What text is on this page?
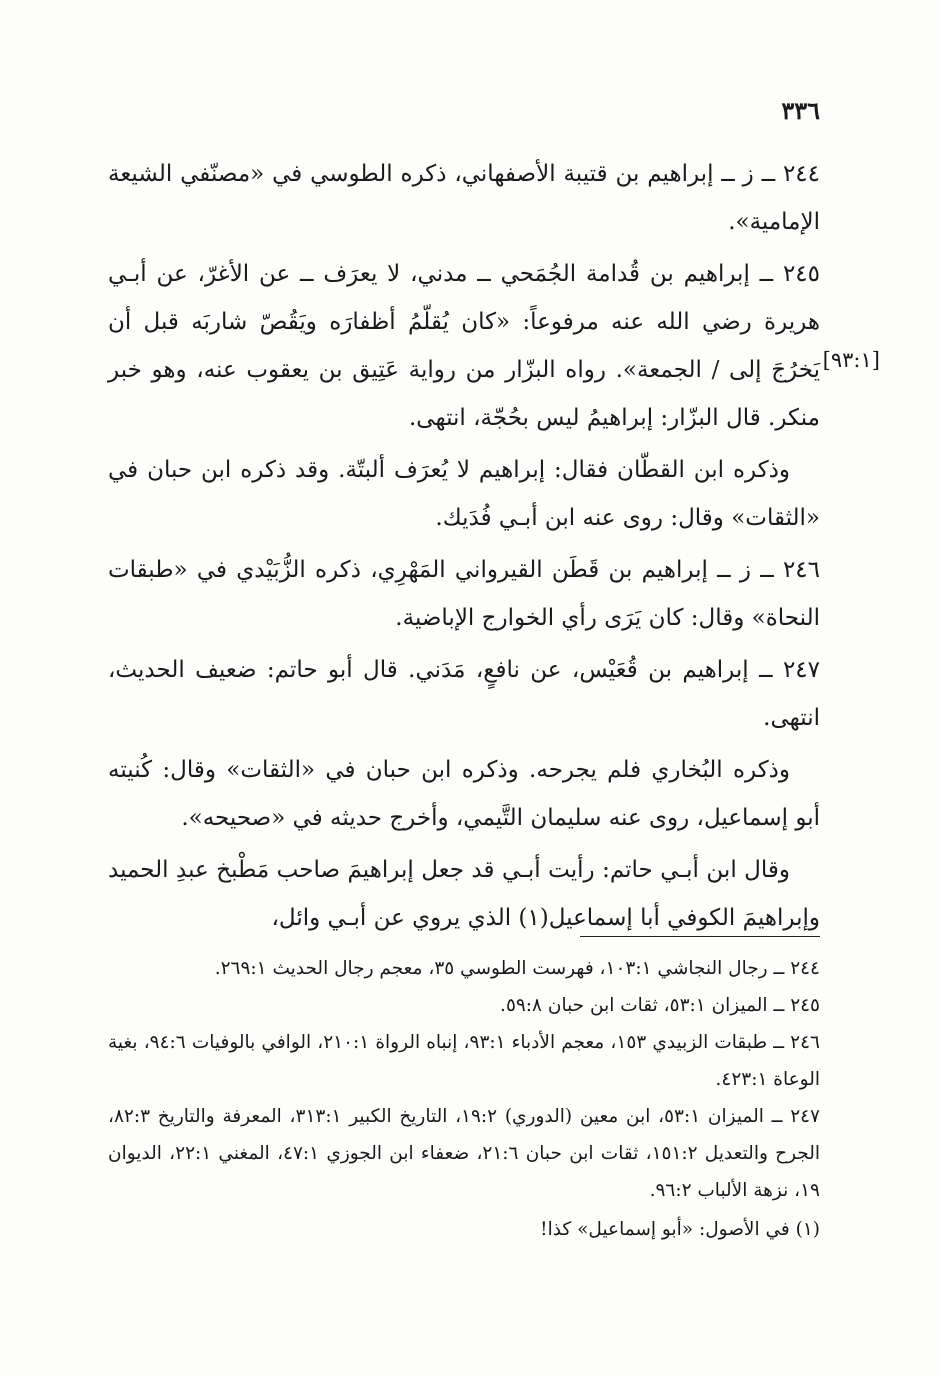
٣٣٦
[٩٣:١]

٢٤٤ ــ ز ــ إبراهيم بن قتيبة الأصفهاني، ذكره الطوسي في «مصنّفي الشيعة الإمامية».

٢٤٥ ــ إبراهيم بن قُدامة الجُمَحي ــ مدني، لا يعرَف ــ عن الأغرّ، عن أبـي هريرة رضي الله عنه مرفوعاً: «كان يُقلّمُ أظفارَه ويَقُصّ شاربَه قبل أن يَخرُجَ إلى / الجمعة». رواه البزّار من رواية عَتِيق بن يعقوب عنه، وهو خبر منكر. قال البزّار: إبراهيمُ ليس بحُجّة، انتهى.

وذكره ابن القطّان فقال: إبراهيم لا يُعرَف ألبتّة. وقد ذكره ابن حبان في «الثقات» وقال: روى عنه ابن أبـي فُدَيك.

٢٤٦ ــ ز ــ إبراهيم بن قَطَن القيرواني المَهْرِي، ذكره الزُّبَيْدي في «طبقات النحاة» وقال: كان يَرَى رأي الخوارج الإباضية.

٢٤٧ ــ إبراهيم بن قُعَيْس، عن نافعٍ، مَدَني. قال أبو حاتم: ضعيف الحديث، انتهى.

وذكره البُخاري فلم يجرحه. وذكره ابن حبان في «الثقات» وقال: كُنيته أبو إسماعيل، روى عنه سليمان التَّيمي، وأخرج حديثه في «صحيحه».

وقال ابن أبـي حاتم: رأيت أبـي قد جعل إبراهيمَ صاحب مَطْبخ عبدِ الحميد وإبراهيمَ الكوفي أبا إسماعيل(١) الذي يروي عن أبـي وائل،

٢٤٤ ــ رجال النجاشي ١٠٣:١، فهرست الطوسي ٣٥، معجم رجال الحديث ٢٦٩:١.

٢٤٥ ــ الميزان ٥٣:١، ثقات ابن حبان ٥٩:٨.

٢٤٦ ــ طبقات الزبيدي ١٥٣، معجم الأدباء ٩٣:١، إنباه الرواة ٢١٠:١، الوافي بالوفيات ٩٤:٦، بغية الوعاة ٤٢٣:١.

٢٤٧ ــ الميزان ٥٣:١، ابن معين (الدوري) ١٩:٢، التاريخ الكبير ٣١٣:١، المعرفة والتاريخ ٨٢:٣، الجرح والتعديل ١٥١:٢، ثقات ابن حبان ٢١:٦، ضعفاء ابن الجوزي ٤٧:١، المغني ٢٢:١، الديوان ١٩، نزهة الألباب ٩٦:٢.

(١) في الأصول: «أبو إسماعيل» كذا!
